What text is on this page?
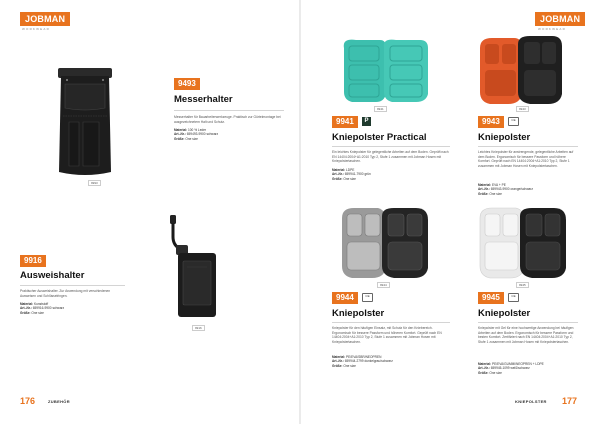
JOBMAN
WORKWEAR
9993
9493
Messerhalter
Messerhalter für Bauarbeiterwerkzeuge. Praktisch zur Gürtelmontage bei ausgezeichnetem Halt und Schutz.
Material: 100 % Leder
Art.-Nr.: 659493-9900 schwarz
Größe: One size
9916
9916
Ausweishalter
Praktischer Ausweishalter. Zur Anwendung mit verschiedenen Ausweisen und Schlüsselringen.
Material: Kunststoff
Art.-Nr.: 659916-9900 schwarz
Größe: One size
176	ZUBEHÖR
JOBMAN
WORKWEAR
9941
9941	P
Kniepolster Practical
Ein leichtes Kniepolster für gelegentliche Arbeiten auf dem Boden. Geprüft nach EN 14404:2004+A1:2010 Typ 2, Stufe 1 zusammen mit Jobman Hosen mit Kniepolstertaschen.
Material: LDPE
Art.-Nr.: 659941-7900 grün
Größe: One size
9943
9943	CE
Kniepolster
Leichtes Kniepolster für anstrengende, gelegentliche Arbeiten auf dem Boden. Ergonomisch für bessere Passform und höhere Komfort. Geprüft nach EN 14404:2004+A1:2010 Typ 2, Stufe 1 zusammen mit Jobman Hosen mit Kniepolstertaschen.
Material: EVA + PE
Art.-Nr.: 659943-9900 orange/schwarz
Größe: One size
9944
9944	CE
Kniepolster
Kniepolster für den häufigen Einsatz, mit Schutz für den Kniebereich. Ergonomisch für bessere Passform und höheren Komfort. Geprüft nach EN 14404:2004+A1:2010 Typ 2, Stufe 1 zusammen mit Jobman Hosen mit Kniepolstertaschen.
Material: PE/EVA/SBR/NEOPREN
Art.-Nr.: 659944-2799 dunkelgrau/schwarz
Größe: One size
9945
9945	CE
Kniepolster
Kniepolster mit Gel für eine hochwertige Anwendung bei häufigen Arbeiten auf dem Boden. Ergonomisch für bessere Passform und besten Komfort. Zertifiziert nach EN 14404:2004+A1:2010 Typ 2, Stufe 1 zusammen mit Jobman Hosen mit Kniepolstertaschen.
Material: PE/EVA/GUMMI/NEOPREN + LDPE
Art.-Nr.: 659945-1099 weiß/schwarz
Größe: One size
KNIEPOLSTER 177
